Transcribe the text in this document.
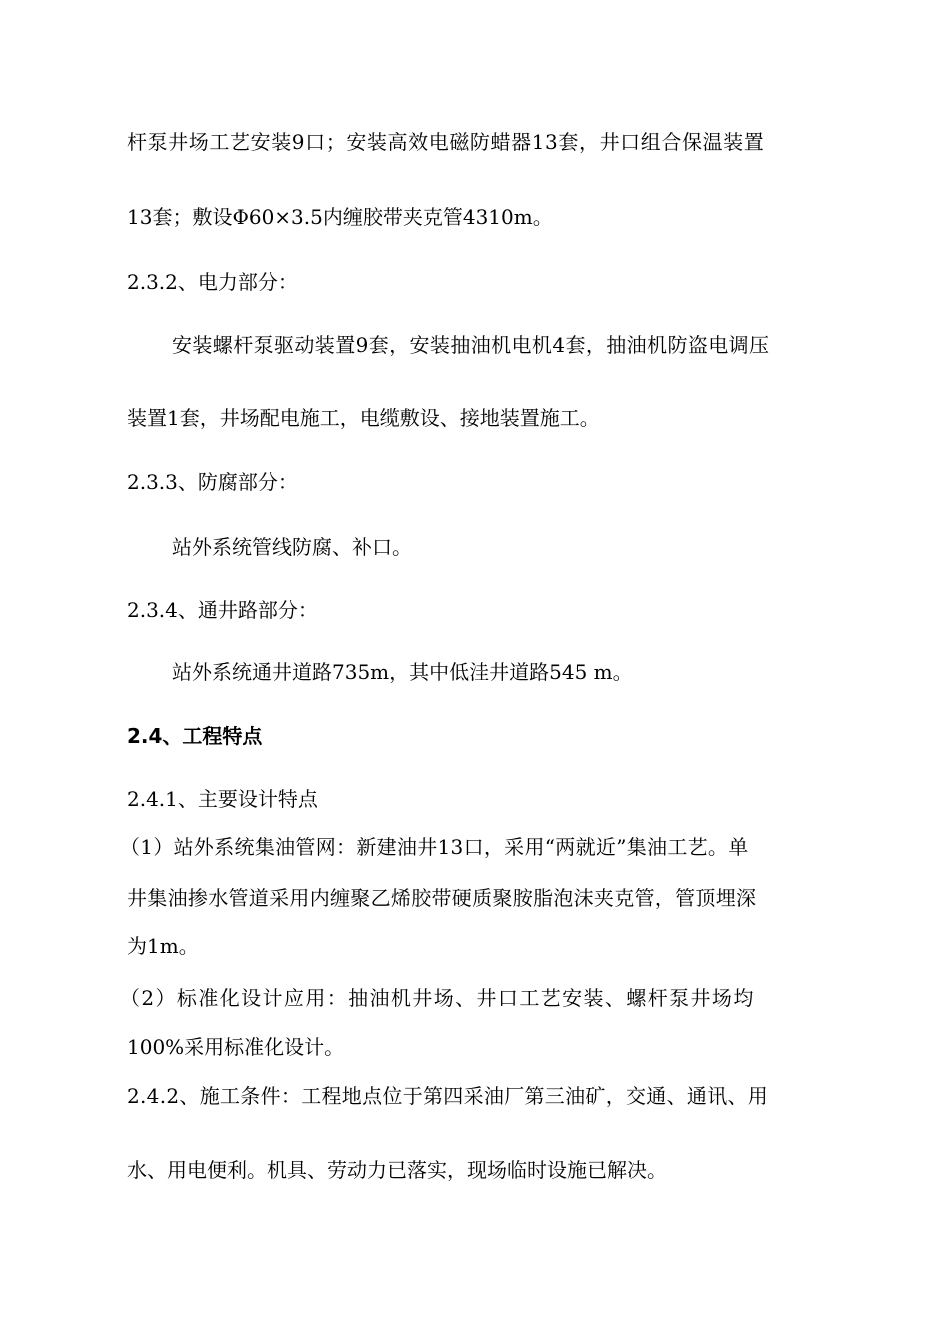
杆泵井场工艺安装9口；安装高效电磁防蜡器13套，井口组合保温装置
13套；敷设Φ60×3.5内缠胶带夹克管4310m。
2.3.2、电力部分：
安装螺杆泵驱动装置9套，安装抽油机电机4套，抽油机防盗电调压
装置1套，井场配电施工，电缆敷设、接地装置施工。
2.3.3、防腐部分：
站外系统管线防腐、补口。
2.3.4、通井路部分：
站外系统通井道路735m，其中低洼井道路545 m。
2.4、工程特点
2.4.1、主要设计特点
（1）站外系统集油管网：新建油井13口，采用“两就近”集油工艺。单
井集油掺水管道采用内缠聚乙烯胶带硬质聚胺脂泡沫夹克管，管顶埋深
为1m。
（2）标准化设计应用：抽油机井场、井口工艺安装、螺杆泵井场均
100%采用标准化设计。
2.4.2、施工条件：工程地点位于第四采油厂第三油矿，交通、通讯、用
水、用电便利。机具、劳动力已落实，现场临时设施已解决。
